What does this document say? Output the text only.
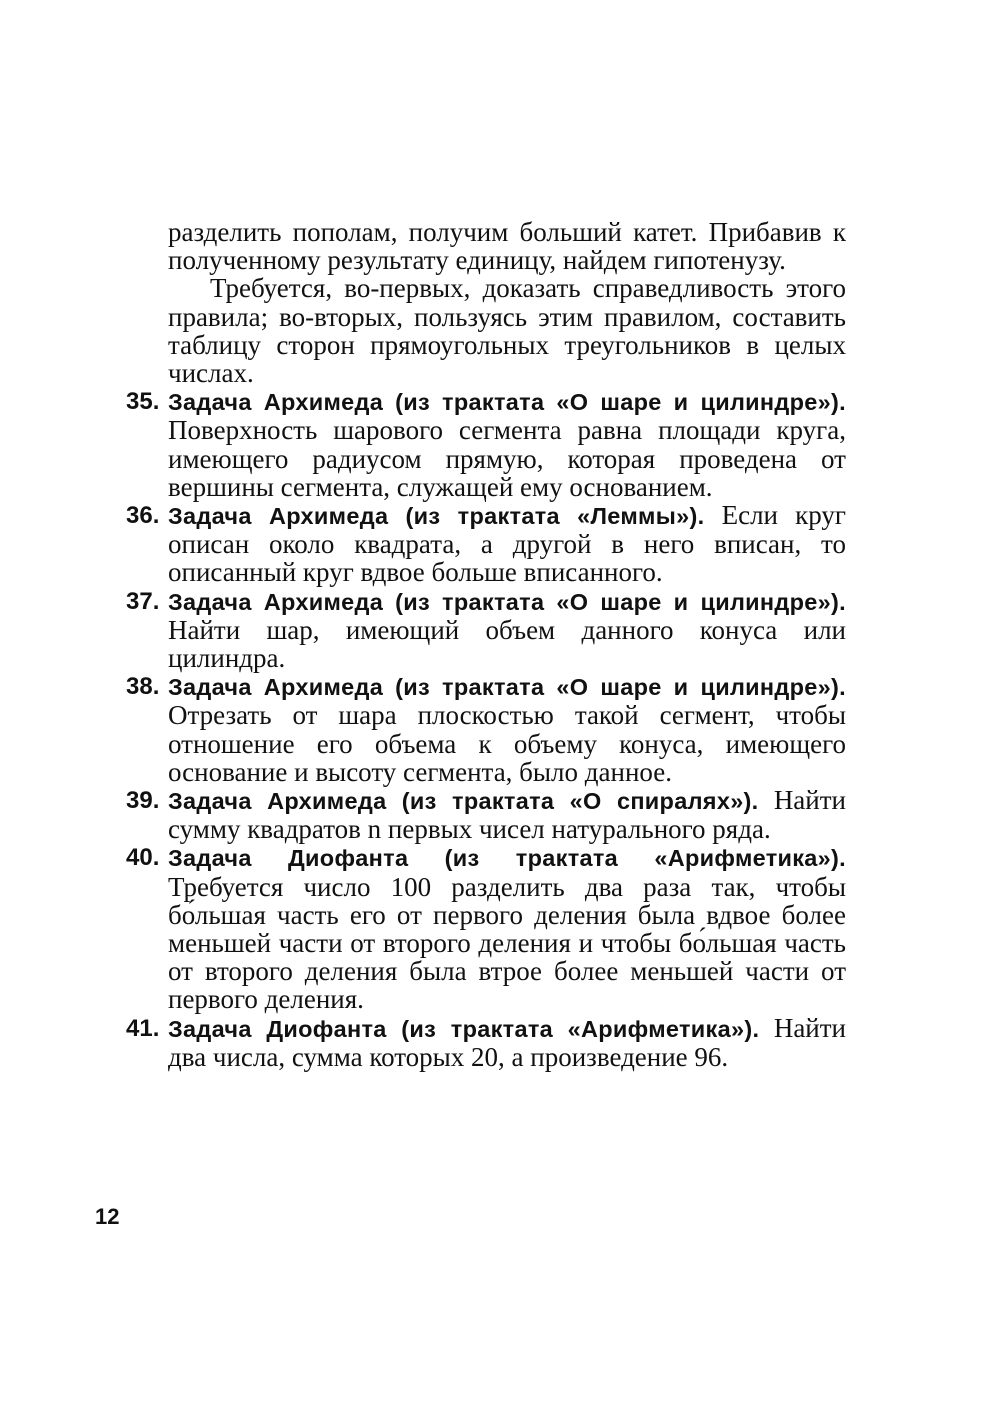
разделить пополам, получим больший катет. Прибавив к полученному результату единицу, найдем гипотенузу.

Требуется, во-первых, доказать справедливость этого правила; во-вторых, пользуясь этим правилом, составить таблицу сторон прямоугольных треугольников в целых числах.

35. Задача Архимеда (из трактата «О шаре и цилиндре»). Поверхность шарового сегмента равна площади круга, имеющего радиусом прямую, которая проведена от вершины сегмента, служащей ему основанием.
36. Задача Архимеда (из трактата «Леммы»). Если круг описан около квадрата, а другой в него вписан, то описанный круг вдвое больше вписанного.
37. Задача Архимеда (из трактата «О шаре и цилиндре»). Найти шар, имеющий объем данного конуса или цилиндра.
38. Задача Архимеда (из трактата «О шаре и цилиндре»). Отрезать от шара плоскостью такой сегмент, чтобы отношение его объема к объему конуса, имеющего основание и высоту сегмента, было данное.
39. Задача Архимеда (из трактата «О спиралях»). Найти сумму квадратов n первых чисел натурального ряда.
40. Задача Диофанта (из трактата «Арифметика»). Требуется число 100 разделить два раза так, чтобы бо́льшая часть его от первого деления была вдвое более меньшей части от второго деления и чтобы бо́льшая часть от второго деления была втрое более меньшей части от первого деления.
41. Задача Диофанта (из трактата «Арифметика»). Найти два числа, сумма которых 20, а произведение 96.
12
